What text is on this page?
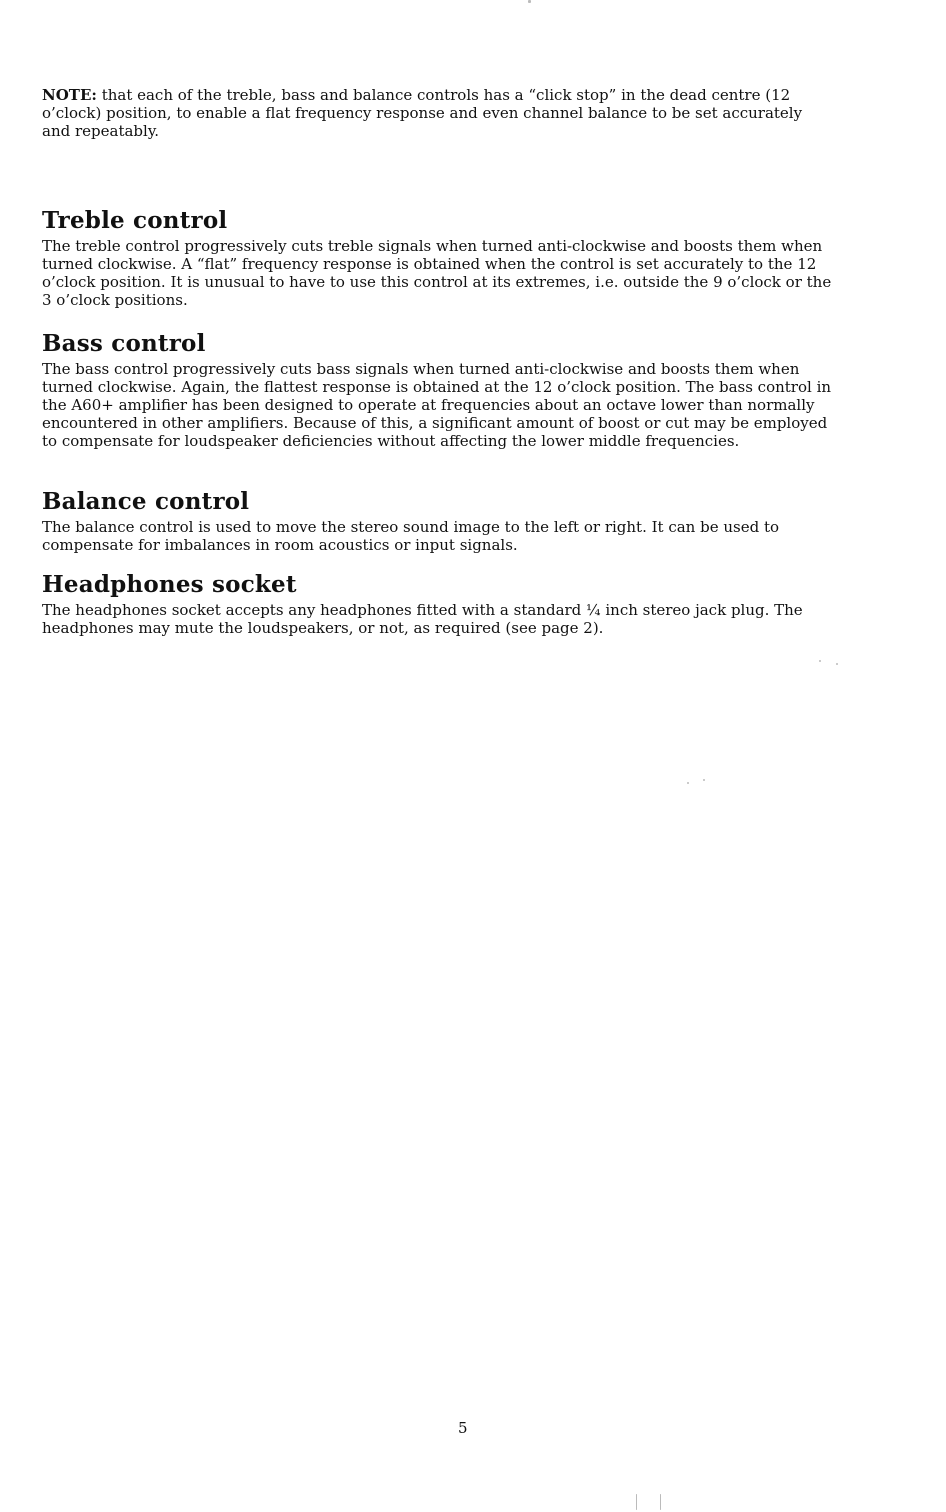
NOTE: that each of the treble, bass and balance controls has a “click stop” in the dead centre (12 o’clock) position, to enable a flat frequency response and even channel balance to be set accurately and repeatably.

Treble control

The treble control progressively cuts treble signals when turned anti-clockwise and boosts them when turned clockwise. A “flat” frequency response is obtained when the control is set accurately to the 12 o’clock position. It is unusual to have to use this control at its extremes, i.e. outside the 9 o’clock or the 3 o’clock positions.

Bass control

The bass control progressively cuts bass signals when turned anti-clockwise and boosts them when turned clockwise. Again, the flattest response is obtained at the 12 o’clock position. The bass control in the A60+ amplifier has been designed to operate at frequencies about an octave lower than normally encountered in other amplifiers. Because of this, a significant amount of boost or cut may be employed to compensate for loudspeaker deficiencies without affecting the lower middle frequencies.

Balance control

The balance control is used to move the stereo sound image to the left or right. It can be used to compensate for imbalances in room acoustics or input signals.

Headphones socket

The headphones socket accepts any headphones fitted with a standard ¼ inch stereo jack plug. The headphones may mute the loudspeakers, or not, as required (see page 2).

5
